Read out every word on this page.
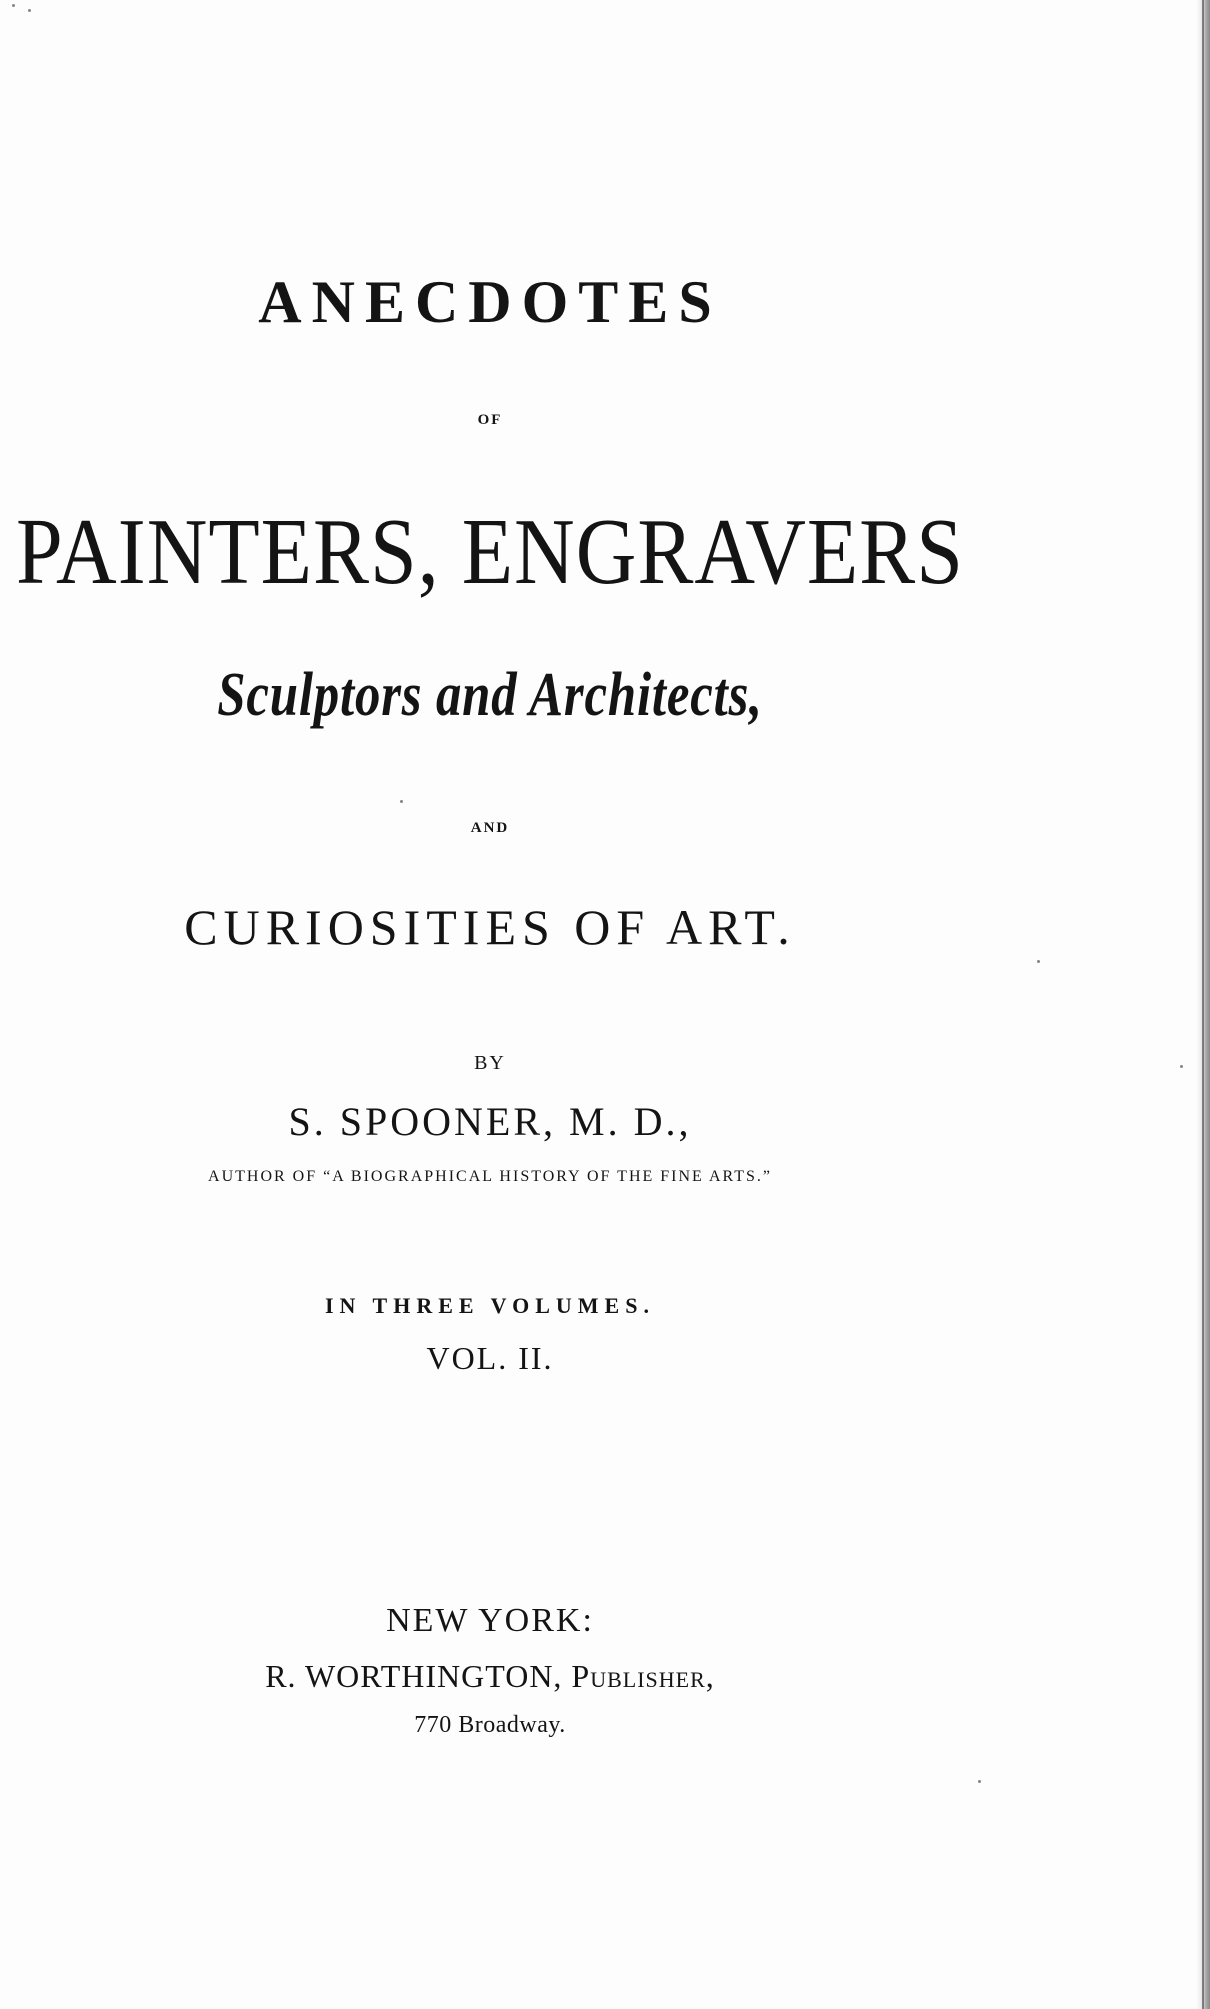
ANECDOTES
OF
PAINTERS, ENGRAVERS
Sculptors and Architects,
AND
CURIOSITIES OF ART.
BY
S. SPOONER, M. D.,
AUTHOR OF “A BIOGRAPHICAL HISTORY OF THE FINE ARTS.”
IN THREE VOLUMES.
VOL. II.
NEW YORK:
R. WORTHINGTON, Publisher,
770 Broadway.
